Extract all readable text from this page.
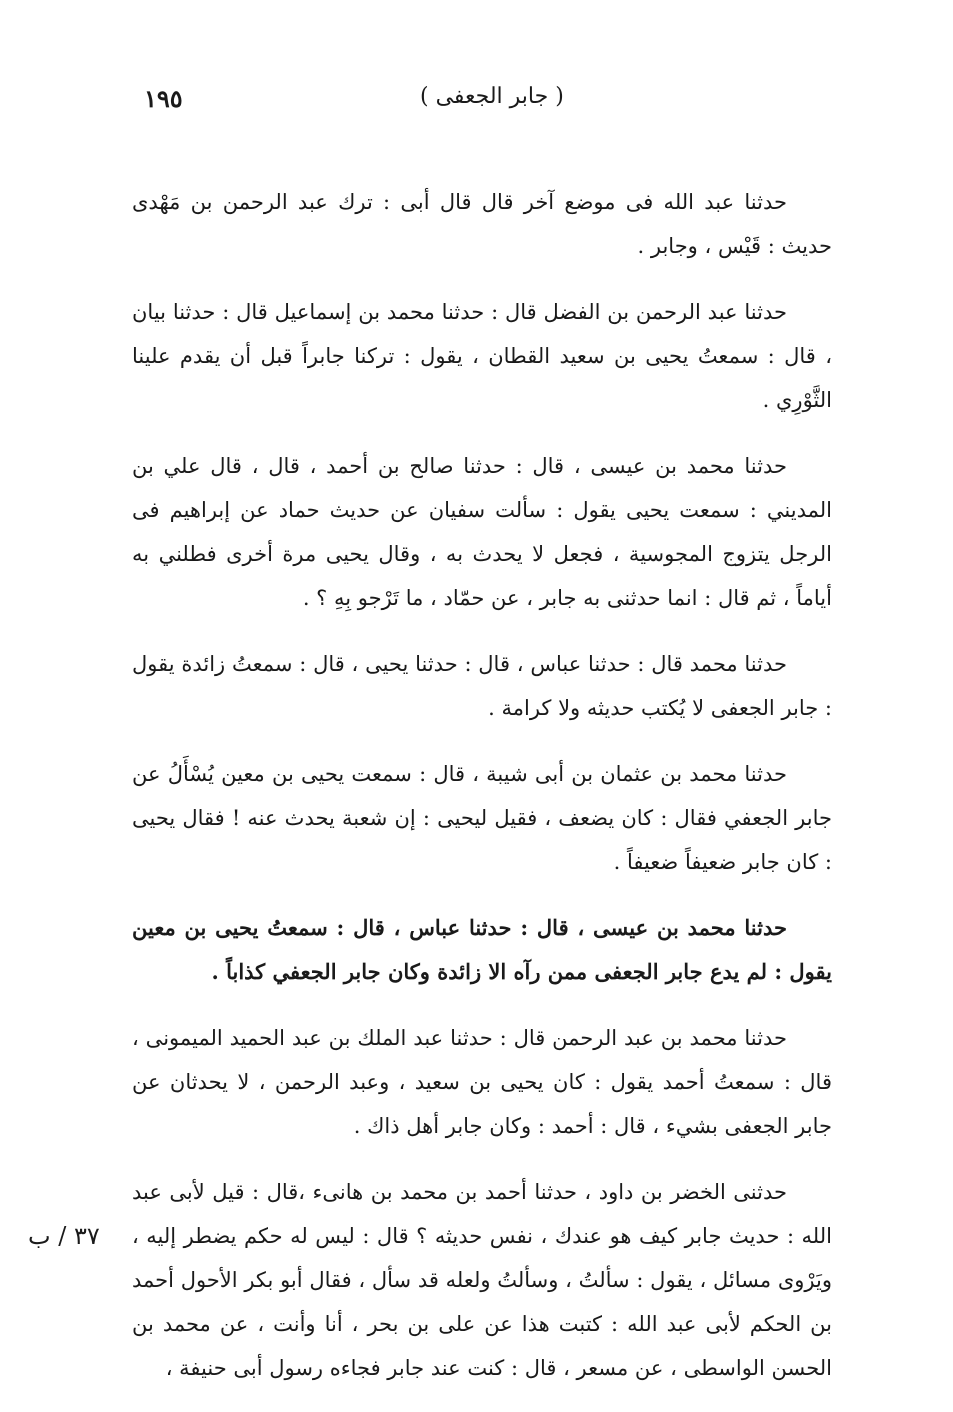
١٩٥	( جابر الجعفى )

حدثنا عبد الله فى موضع آخر قال قال أبى : ترك عبد الرحمن بن مَهْدى حديث : قَيْس ، وجابر .

حدثنا عبد الرحمن بن الفضل قال : حدثنا محمد بن إسماعيل قال : حدثنا بيان ، قال : سمعتُ يحيى بن سعيد القطان ، يقول : تركنا جابراً قبل أن يقدم علينا الثَّوْرِي .

حدثنا محمد بن عيسى ، قال : حدثنا صالح بن أحمد ، قال ، قال علي بن المديني : سمعت يحيى يقول : سألت سفيان عن حديث حماد عن إبراهيم فى الرجل يتزوج المجوسية ، فجعل لا يحدث به ، وقال يحيى مرة أخرى فطلني به أياماً ، ثم قال : انما حدثنى به جابر ، عن حمّاد ، ما تَرْجو بِهِ ؟ .

حدثنا محمد قال : حدثنا عباس ، قال : حدثنا يحيى ، قال : سمعتُ زائدة يقول : جابر الجعفى لا يُكتب حديثه ولا كرامة .

حدثنا محمد بن عثمان بن أبى شيبة ، قال : سمعت يحيى بن معين يُسْأَلُ عن جابر الجعفي فقال : كان يضعف ، فقيل ليحيى : إن شعبة يحدث عنه ! فقال يحيى : كان جابر ضعيفاً ضعيفاً .

حدثنا محمد بن عيسى ، قال : حدثنا عباس ، قال : سمعتُ يحيى بن معين يقول : لم يدع جابر الجعفى ممن رآه الا زائدة وكان جابر الجعفي كذاباً .

حدثنا محمد بن عبد الرحمن قال : حدثنا عبد الملك بن عبد الحميد الميمونى ، قال : سمعتُ أحمد يقول : كان يحيى بن سعيد ، وعبد الرحمن ، لا يحدثان عن جابر الجعفى بشيء ، قال : أحمد : وكان جابر أهل ذاك .

حدثنى الخضر بن داود ، حدثنا أحمد بن محمد بن هانىء ،قال : قيل لأبى عبد الله : حديث جابر كيف هو عندك ، نفس حديثه ؟ قال : ليس له حكم يضطر إليه ، ويَرْوى مسائل ، يقول : سألتُ ، وسألتُ ولعله قد سأل ، فقال أبو بكر الأحول أحمد بن الحكم لأبى عبد الله : كتبت هذا عن على بن بحر ، أنا وأنت ، عن محمد بن الحسن الواسطى ، عن مسعر ، قال : كنت عند جابر فجاءه رسول أبى حنيفة ،

٣٧ / ب
